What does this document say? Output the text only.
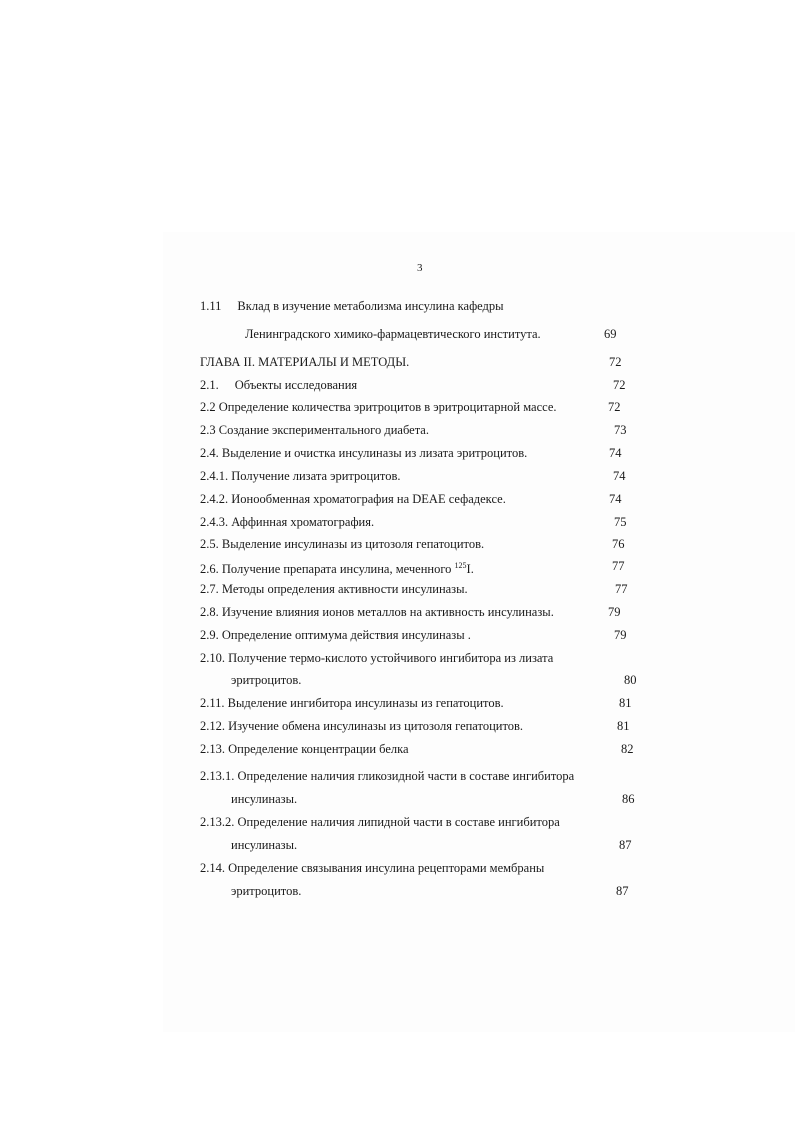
3
1.11 Вклад в изучение метаболизма инсулина кафедры
Ленинградского химико-фармацевтического института.	69
ГЛАВА II. МАТЕРИАЛЫ И МЕТОДЫ.	72
2.1. Объекты исследования	72
2.2 Определение количества эритроцитов в эритроцитарной массе.	72
2.3 Создание экспериментального диабета.	73
2.4. Выделение и очистка инсулиназы из лизата эритроцитов.	74
2.4.1. Получение лизата эритроцитов.	74
2.4.2. Ионообменная хроматография на DEAE сефадексе.	74
2.4.3. Аффинная хроматография.	75
2.5. Выделение инсулиназы из цитозоля гепатоцитов.	76
2.6. Получение препарата инсулина, меченного $^{125}$I.	77
2.7. Методы определения активности инсулиназы.	77
2.8. Изучение влияния ионов металлов на активность инсулиназы.	79
2.9. Определение оптимума действия инсулиназы .	79
2.10. Получение термо-кислото устойчивого ингибитора из лизата
эритроцитов.	80
2.11. Выделение ингибитора инсулиназы из гепатоцитов.	81
2.12. Изучение обмена инсулиназы из цитозоля гепатоцитов.	81
2.13. Определение концентрации белка	82
2.13.1. Определение наличия гликозидной части в составе ингибитора
инсулиназы.	86
2.13.2. Определение наличия липидной части в составе ингибитора
инсулиназы.	87
2.14. Определение связывания инсулина рецепторами мембраны
эритроцитов.	87
